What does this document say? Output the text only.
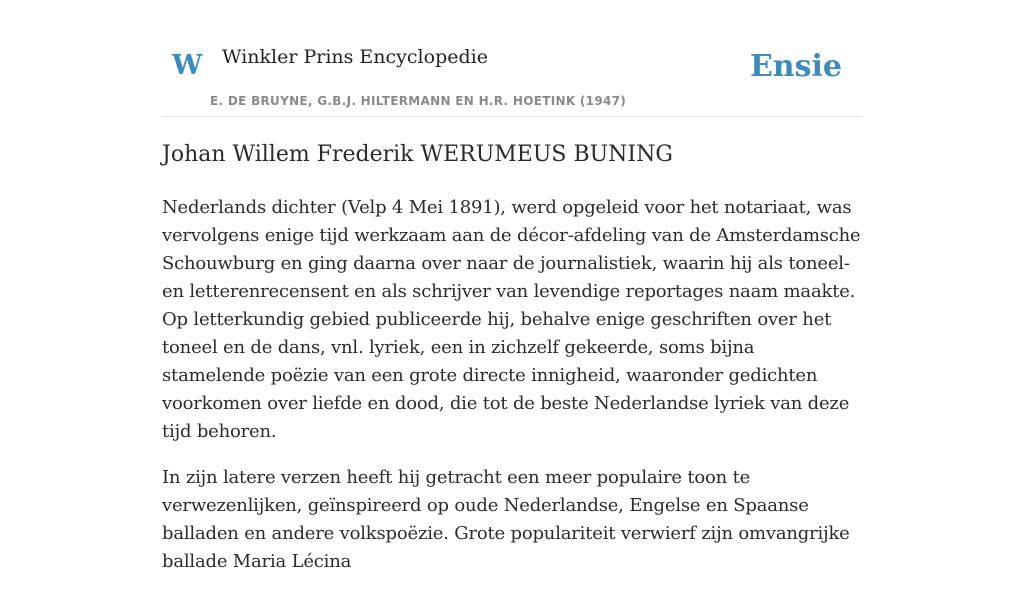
W Winkler Prins Encyclopedie
E. DE BRUYNE, G.B.J. HILTERMANN EN H.R. HOETINK (1947)
Ensie
Johan Willem Frederik WERUMEUS BUNING

Nederlands dichter (Velp 4 Mei 1891), werd opgeleid voor het notariaat, was vervolgens enige tijd werkzaam aan de décor-afdeling van de Amsterdamsche Schouwburg en ging daarna over naar de journalistiek, waarin hij als toneel- en letterenrecensent en als schrijver van levendige reportages naam maakte. Op letterkundig gebied publiceerde hij, behalve enige geschriften over het toneel en de dans, vnl. lyriek, een in zichzelf gekeerde, soms bijna stamelende poëzie van een grote directe innigheid, waaronder gedichten voorkomen over liefde en dood, die tot de beste Nederlandse lyriek van deze tijd behoren.

In zijn latere verzen heeft hij getracht een meer populaire toon te verwezenlijken, geïnspireerd op oude Nederlandse, Engelse en Spaanse balladen en andere volkspoëzie. Grote populariteit verwierf zijn omvangrijke ballade Maria Lécina
